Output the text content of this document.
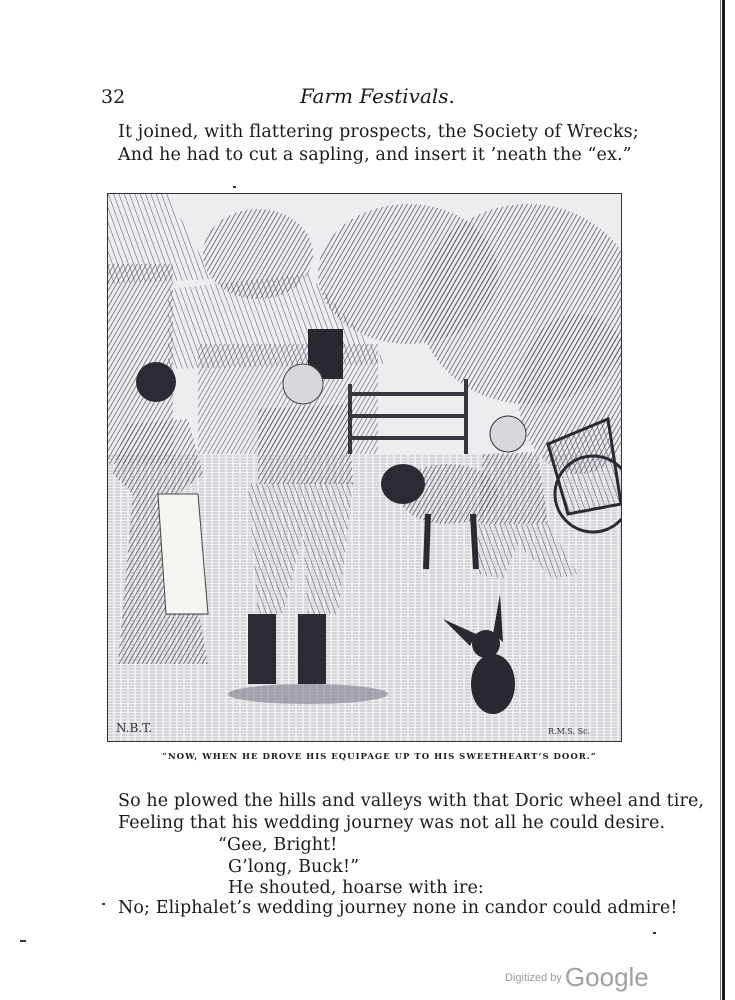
32	Farm Festivals.
It joined, with flattering prospects, the Society of Wrecks;
And he had to cut a sapling, and insert it ’neath the “ex.”
N.B.T.	R.M.S. Sc.
“NOW, WHEN HE DROVE HIS EQUIPAGE UP TO HIS SWEETHEART’S DOOR.”
So he plowed the hills and valleys with that Doric wheel and tire,
Feeling that his wedding journey was not all he could desire.
“Gee, Bright!
G’long, Buck!”
He shouted, hoarse with ire:
No; Eliphalet’s wedding journey none in candor could admire!
Digitized by Google
